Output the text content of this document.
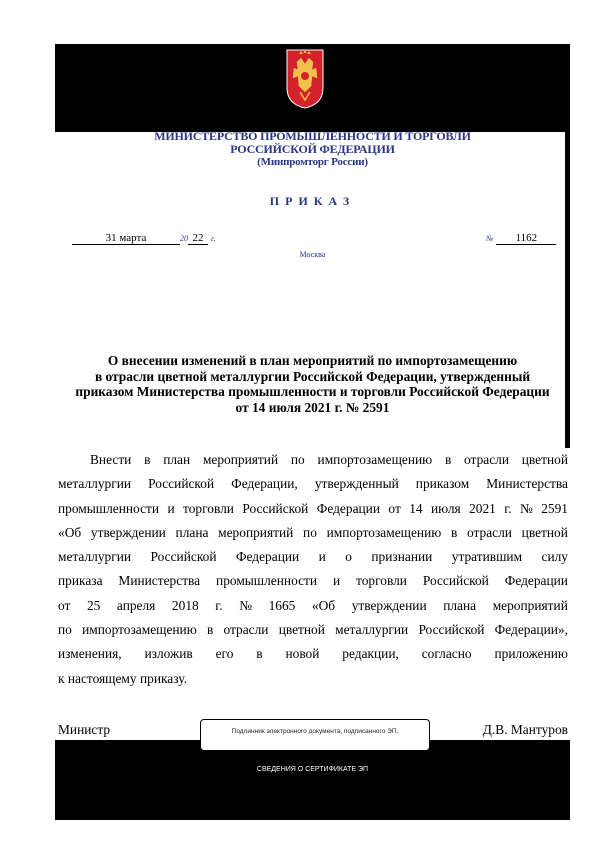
МИНИСТЕРСТВО ПРОМЫШЛЕННОСТИ И ТОРГОВЛИ
РОССИЙСКОЙ ФЕДЕРАЦИИ
(Минпромторг России)
ПРИКАЗ
31 марта	20 22 г.	№ 1162
Москва
О внесении изменений в план мероприятий по импортозамещению
в отрасли цветной металлургии Российской Федерации, утвержденный
приказом Министерства промышленности и торговли Российской Федерации
от 14 июля 2021 г. № 2591
Внести в план мероприятий по импортозамещению в отрасли цветной
металлургии Российской Федерации, утвержденный приказом Министерства
промышленности и торговли Российской Федерации от 14 июля 2021 г. № 2591
«Об утверждении плана мероприятий по импортозамещению в отрасли цветной
металлургии Российской Федерации и о признании утратившим силу
приказа Министерства промышленности и торговли Российской Федерации
от 25 апреля 2018 г. № 1665 «Об утверждении плана мероприятий
по импортозамещению в отрасли цветной металлургии Российской Федерации»,
изменения, изложив его в новой редакции, согласно приложению
к настоящему приказу.
Министр	Подлинник электронного документа, подписанного ЭП,
СВЕДЕНИЯ О СЕРТИФИКАТЕ ЭП
Д.В. Мантуров
